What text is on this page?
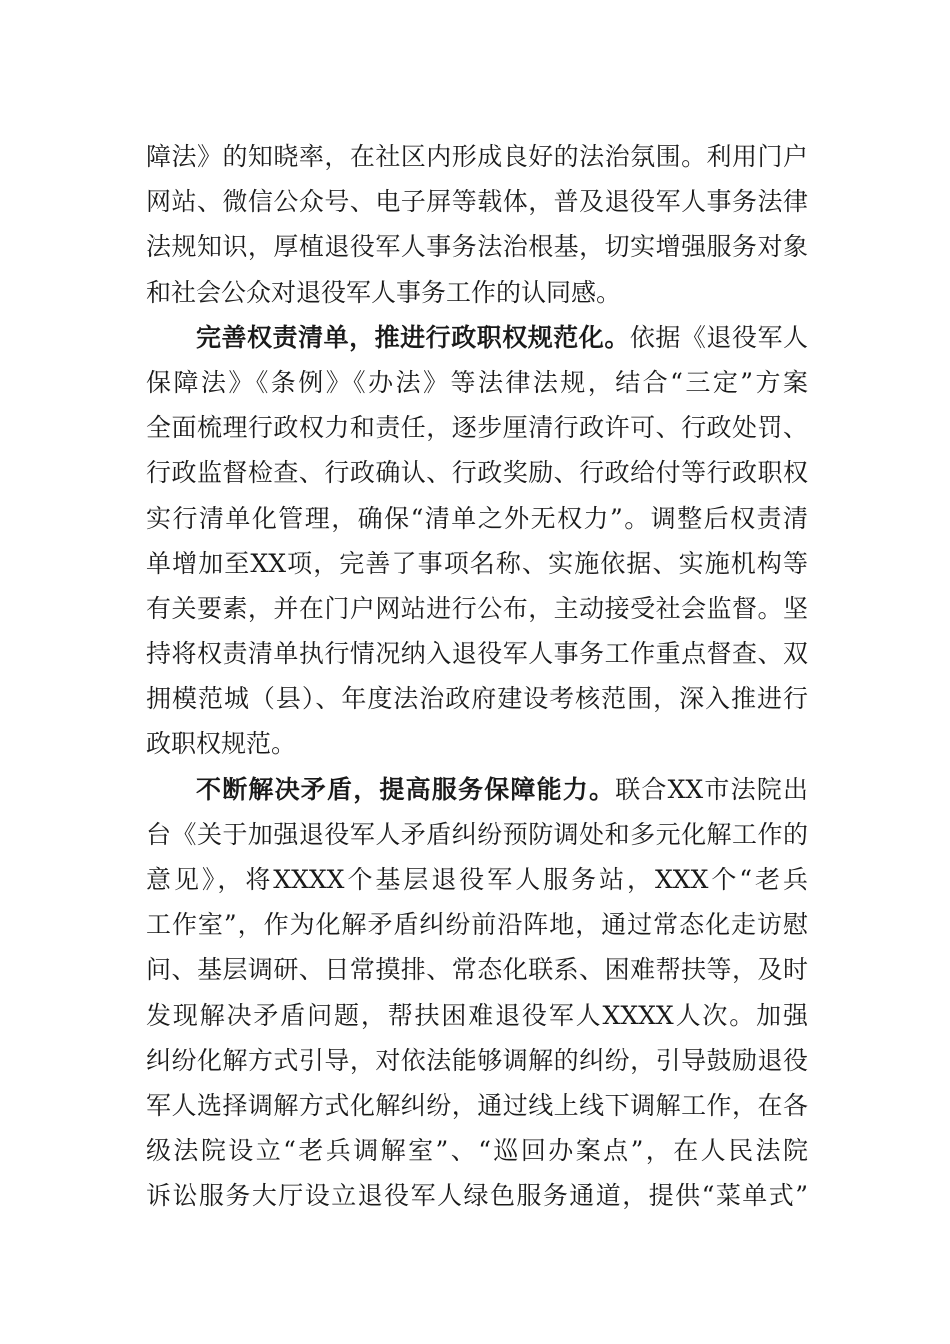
障法》的知晓率，在社区内形成良好的法治氛围。利用门户
网站、微信公众号、电子屏等载体，普及退役军人事务法律
法规知识，厚植退役军人事务法治根基，切实增强服务对象
和社会公众对退役军人事务工作的认同感。
完善权责清单，推进行政职权规范化。依据《退役军人
保障法》《条例》《办法》等法律法规，结合“三定”方案
全面梳理行政权力和责任，逐步厘清行政许可、行政处罚、
行政监督检查、行政确认、行政奖励、行政给付等行政职权
实行清单化管理，确保“清单之外无权力”。调整后权责清
单增加至XX项，完善了事项名称、实施依据、实施机构等
有关要素，并在门户网站进行公布，主动接受社会监督。坚
持将权责清单执行情况纳入退役军人事务工作重点督查、双
拥模范城（县）、年度法治政府建设考核范围，深入推进行
政职权规范。
不断解决矛盾，提高服务保障能力。联合XX市法院出
台《关于加强退役军人矛盾纠纷预防调处和多元化解工作的
意见》，将XXXX个基层退役军人服务站，XXX个“老兵
工作室”，作为化解矛盾纠纷前沿阵地，通过常态化走访慰
问、基层调研、日常摸排、常态化联系、困难帮扶等，及时
发现解决矛盾问题，帮扶困难退役军人XXXX人次。加强
纠纷化解方式引导，对依法能够调解的纠纷，引导鼓励退役
军人选择调解方式化解纠纷，通过线上线下调解工作，在各
级法院设立“老兵调解室”、“巡回办案点”，在人民法院
诉讼服务大厅设立退役军人绿色服务通道，提供“菜单式”
